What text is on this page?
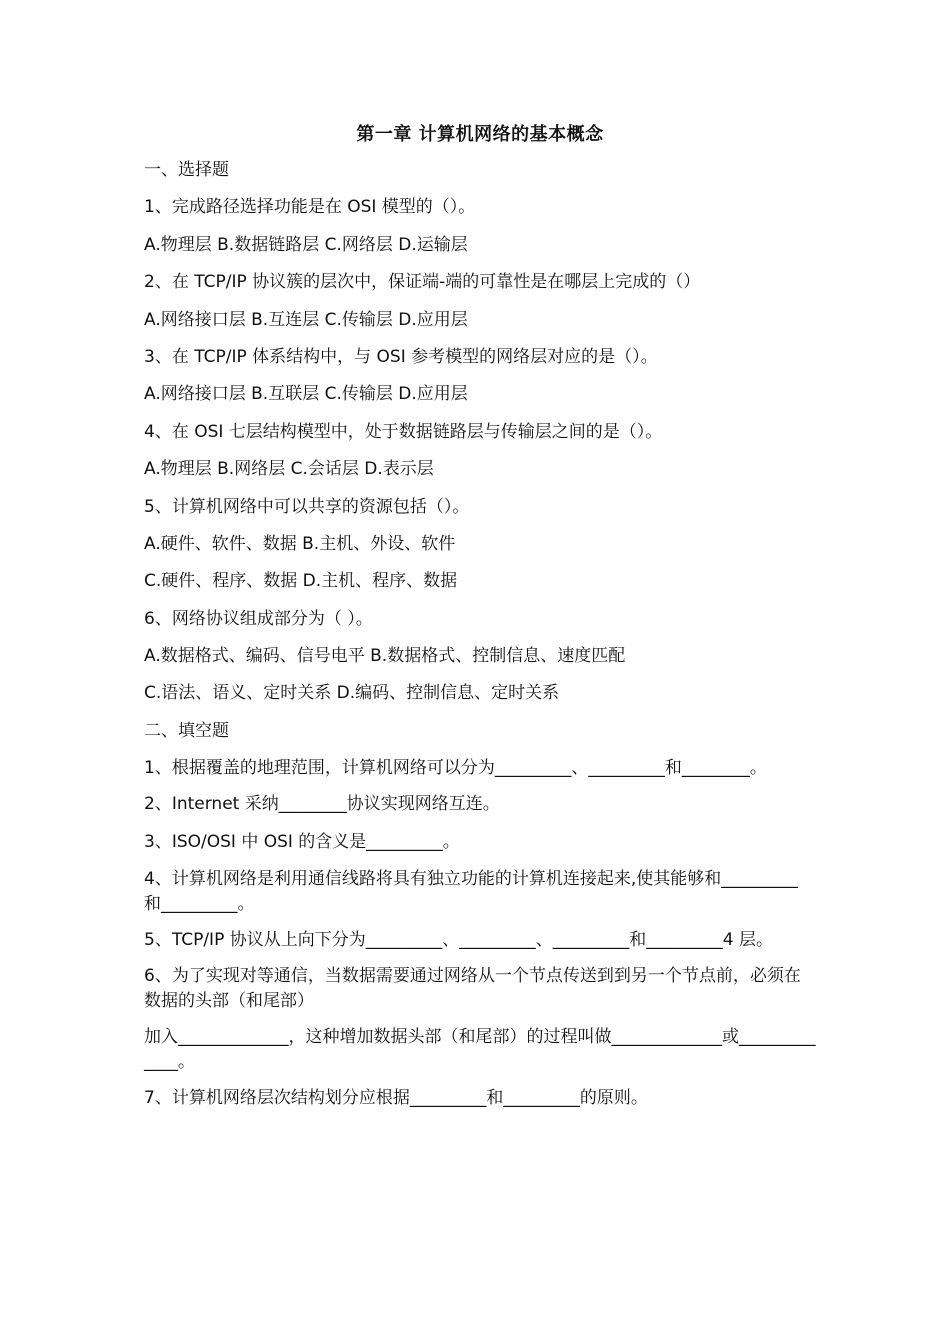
第一章 计算机网络的基本概念
一、选择题
1、完成路径选择功能是在 OSI 模型的（）。
A.物理层 B.数据链路层 C.网络层 D.运输层
2、在 TCP/IP 协议簇的层次中，保证端-端的可靠性是在哪层上完成的（）
A.网络接口层 B.互连层 C.传输层 D.应用层
3、在 TCP/IP 体系结构中，与 OSI 参考模型的网络层对应的是（）。
A.网络接口层 B.互联层 C.传输层 D.应用层
4、在 OSI 七层结构模型中，处于数据链路层与传输层之间的是（）。
A.物理层 B.网络层 C.会话层 D.表示层
5、计算机网络中可以共享的资源包括（）。
A.硬件、软件、数据 B.主机、外设、软件
C.硬件、程序、数据 D.主机、程序、数据
6、网络协议组成部分为（ ）。
A.数据格式、编码、信号电平 B.数据格式、控制信息、速度匹配
C.语法、语义、定时关系 D.编码、控制信息、定时关系
二、填空题
1、根据覆盖的地理范围，计算机网络可以分为_________、_________和________。
2、Internet 采纳________协议实现网络互连。
3、ISO/OSI 中 OSI 的含义是_________。
4、计算机网络是利用通信线路将具有独立功能的计算机连接起来,使其能够和_________ 和_________。
5、TCP/IP 协议从上向下分为_________、_________、_________和_________4 层。
6、为了实现对等通信，当数据需要通过网络从一个节点传送到到另一个节点前，必须在数据的头部（和尾部）
加入_____________，这种增加数据头部（和尾部）的过程叫做_____________或_____________。
7、计算机网络层次结构划分应根据_________和_________的原则。
